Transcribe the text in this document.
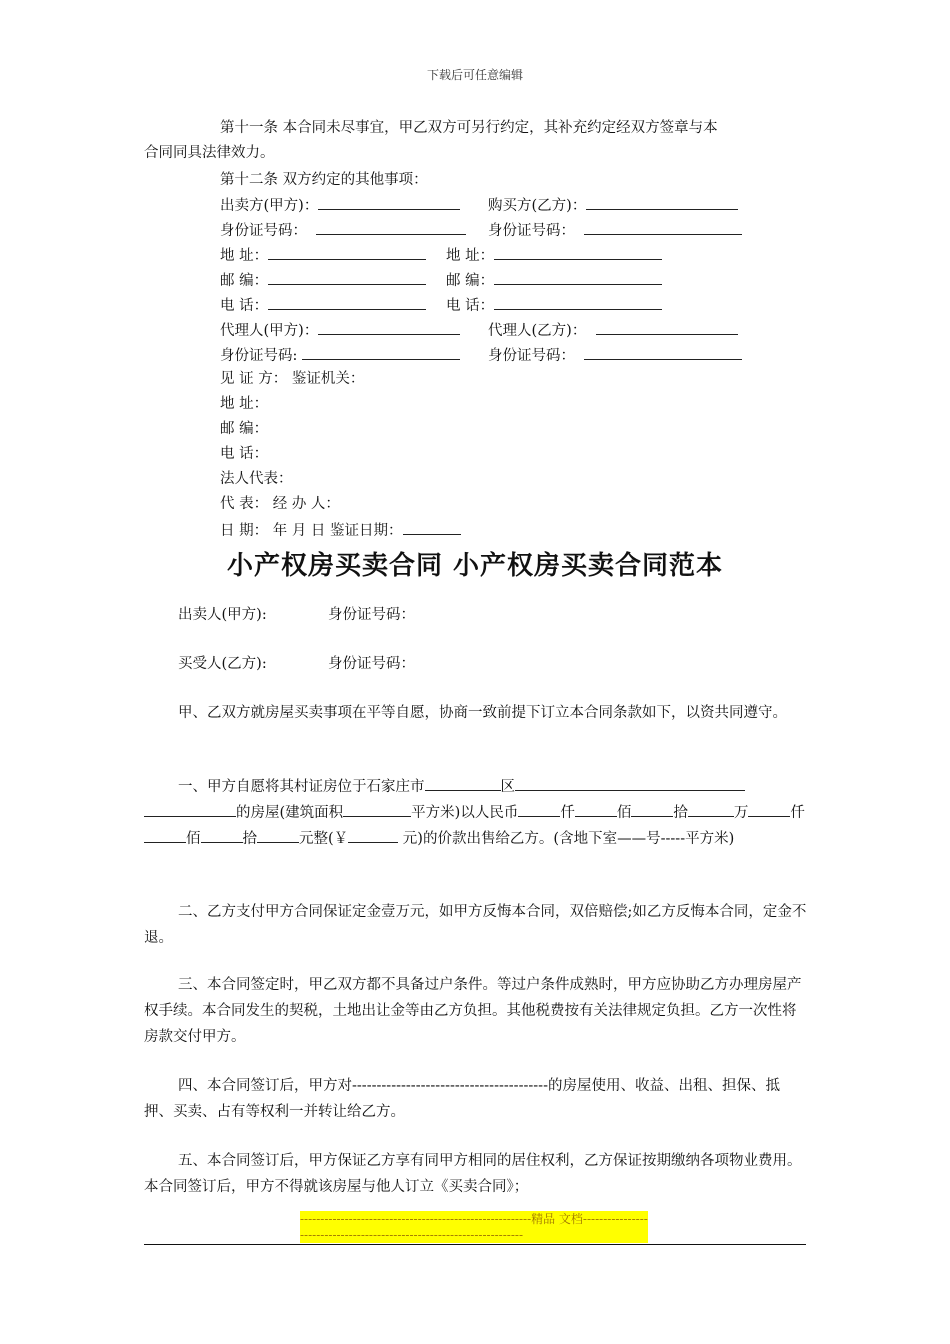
下载后可任意编辑
第十一条 本合同未尽事宜，甲乙双方可另行约定，其补充约定经双方签章与本
合同同具法律效力。
第十二条 双方约定的其他事项：
出卖方(甲方)：	购买方(乙方)：
身份证号码：	身份证号码：
地 址：	地 址：
邮 编：	邮 编：
电 话：	电 话：
代理人(甲方)：	代理人(乙方)：
身份证号码:	身份证号码：
见 证 方： 鉴证机关：
地 址：
邮 编：
电 话：
法人代表：
代 表： 经 办 人：
日 期： 年 月 日 鉴证日期：
小产权房买卖合同 小产权房买卖合同范本
出卖人(甲方):	身份证号码：
买受人(乙方):	身份证号码：
甲、乙双方就房屋买卖事项在平等自愿，协商一致前提下订立本合同条款如下，以资共同遵守。
一、甲方自愿将其村证房位于石家庄市	区的房屋(建筑面积	平方米)以人民币	仟	佰	拾	万	仟佰	拾	元整(￥	元)的价款出售给乙方。(含地下室——号-----平方米)
二、乙方支付甲方合同保证定金壹万元，如甲方反悔本合同，双倍赔偿;如乙方反悔本合同，定金不退。
三、本合同签定时，甲乙双方都不具备过户条件。等过户条件成熟时，甲方应协助乙方办理房屋产权手续。本合同发生的契税，土地出让金等由乙方负担。其他税费按有关法律规定负担。乙方一次性将房款交付甲方。
四、本合同签订后，甲方对----------------------------------------的房屋使用、收益、出租、担保、抵押、买卖、占有等权利一并转让给乙方。
五、本合同签订后，甲方保证乙方享有同甲方相同的居住权利，乙方保证按期缴纳各项物业费用。本合同签订后，甲方不得就该房屋与他人订立《买卖合同》；
---------------------------------------------------------精品 文档-----------------------------------------------------------------------
